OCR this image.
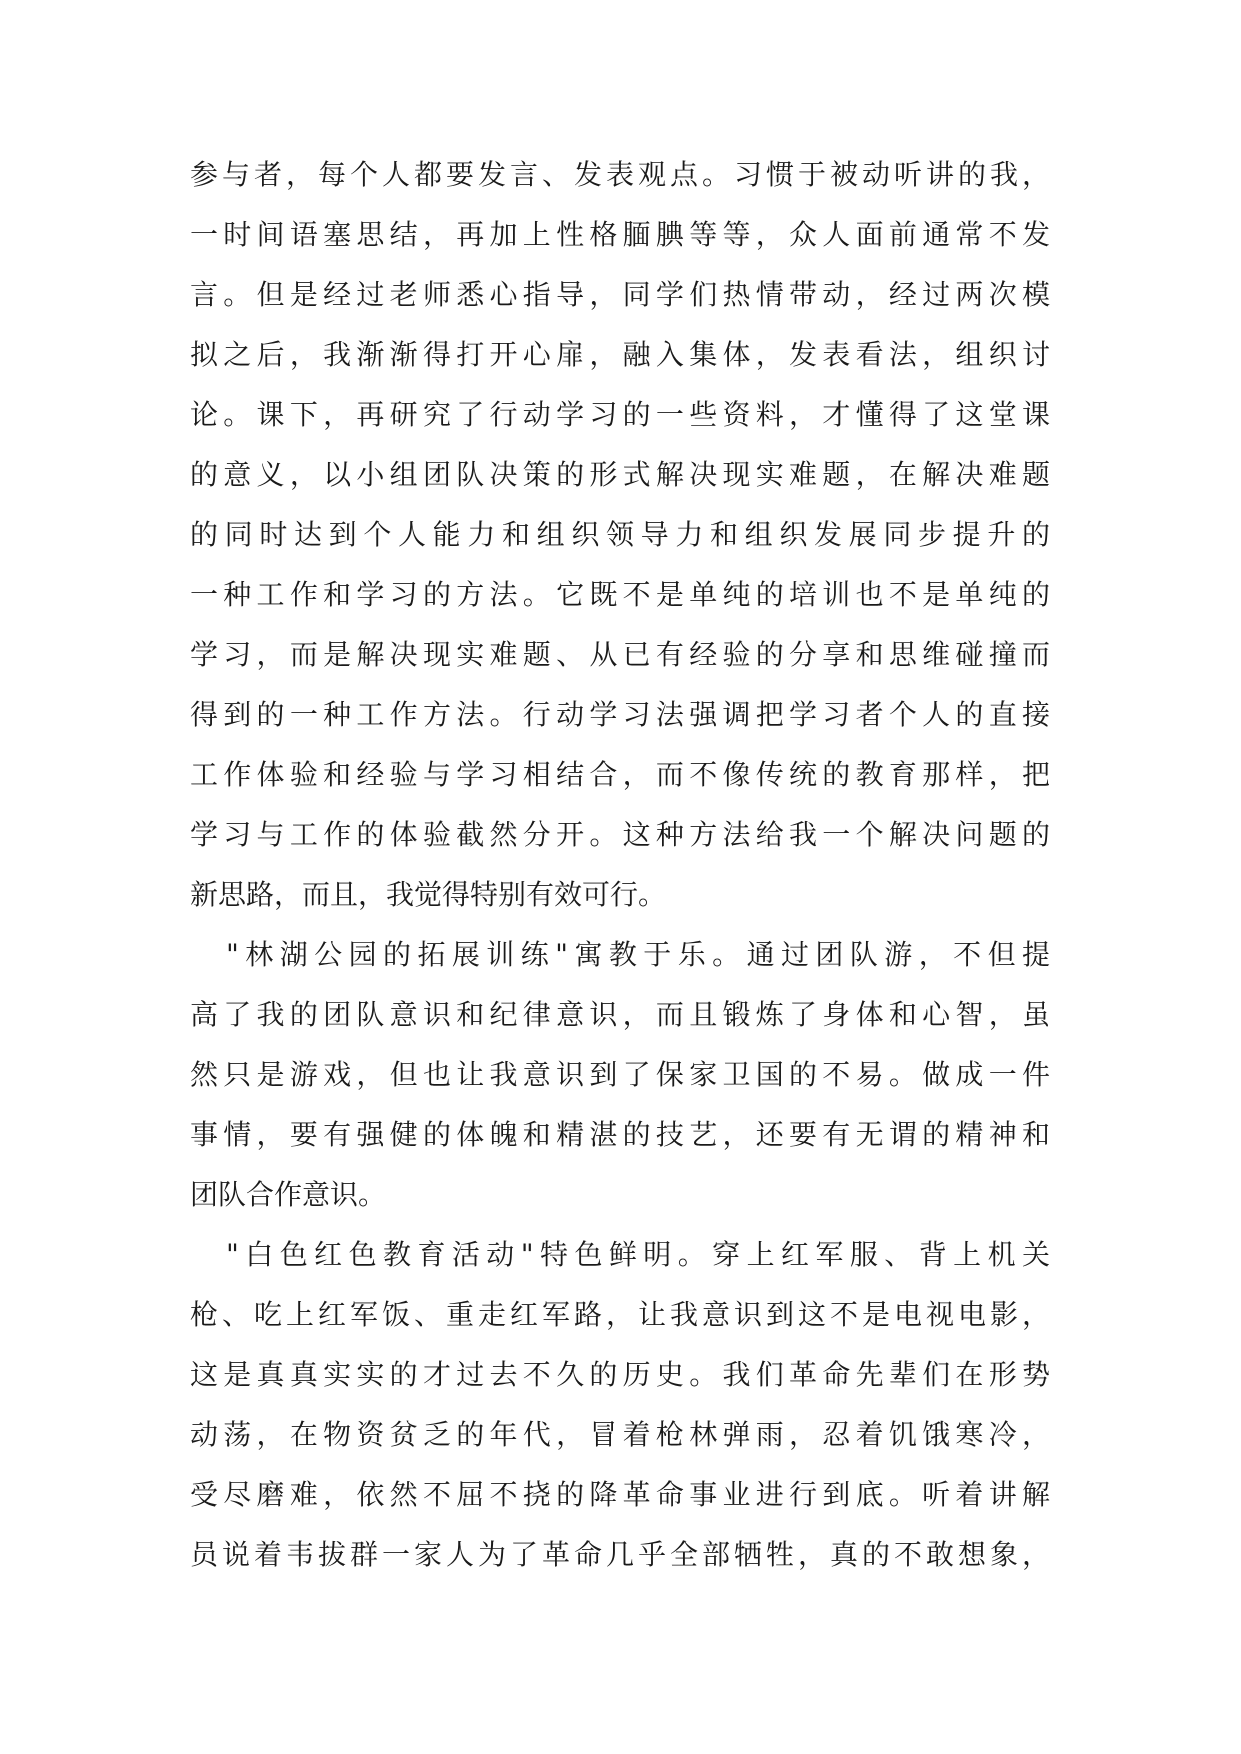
参与者，每个人都要发言、发表观点。习惯于被动听讲的我，
一时间语塞思结，再加上性格腼腆等等，众人面前通常不发
言。但是经过老师悉心指导，同学们热情带动，经过两次模
拟之后，我渐渐得打开心扉，融入集体，发表看法，组织讨
论。课下，再研究了行动学习的一些资料，才懂得了这堂课
的意义，以小组团队决策的形式解决现实难题，在解决难题
的同时达到个人能力和组织领导力和组织发展同步提升的
一种工作和学习的方法。它既不是单纯的培训也不是单纯的
学习，而是解决现实难题、从已有经验的分享和思维碰撞而
得到的一种工作方法。行动学习法强调把学习者个人的直接
工作体验和经验与学习相结合，而不像传统的教育那样，把
学习与工作的体验截然分开。这种方法给我一个解决问题的
新思路，而且，我觉得特别有效可行。
"林湖公园的拓展训练"寓教于乐。通过团队游，不但提
高了我的团队意识和纪律意识，而且锻炼了身体和心智，虽
然只是游戏，但也让我意识到了保家卫国的不易。做成一件
事情，要有强健的体魄和精湛的技艺，还要有无谓的精神和
团队合作意识。
"白色红色教育活动"特色鲜明。穿上红军服、背上机关
枪、吃上红军饭、重走红军路，让我意识到这不是电视电影，
这是真真实实的才过去不久的历史。我们革命先辈们在形势
动荡，在物资贫乏的年代，冒着枪林弹雨，忍着饥饿寒冷，
受尽磨难，依然不屈不挠的降革命事业进行到底。听着讲解
员说着韦拔群一家人为了革命几乎全部牺牲，真的不敢想象，
